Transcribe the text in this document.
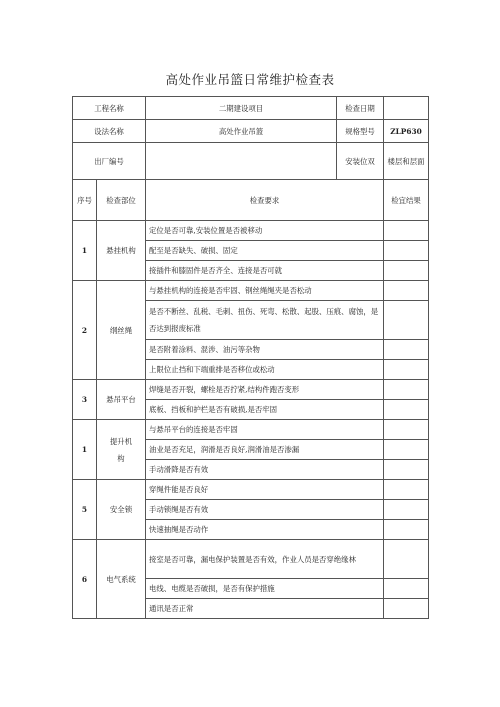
高处作业吊篮日常维护检查表
工程名称		二期建设项目	检查日期	
设法名称		高处作业吊篮	规格型号	ZLP630
出厂编号			安装位双	楼层和层面
序号	检查部位	检查要求		检宜结果
1	悬挂机构	定位是否可靠,安装位置是否被移动		
		配至是否缺失、破损、固定		
		接插件和膝固件是否齐全、连接是否可就		
2	纲丝绳	与悬挂机构的连接是否牢固、钢丝绳绳夹是否松动		
		是否不断丝、乱税、毛刺、扭伤、死弯、松散、起股、压痕、腐蚀，是否达到报废标准		
		是否附着涂料、混涉、油污等杂物		
		上限位止挡和下端重排是否移位或松动		
3	悬吊平台	焊缝是否开裂，螺栓是否拧紧,结构件跑否变形		
		底板、挡板和护栏是否有破损,是否牢固		
1	提升机构	与悬吊平台的连接是否牢固		
		油业是否充足，润滑是否良好,润滑油是否渗漏		
		手动滑降是否有效		
5	安全锁	穿绳件能是否良好		
		手动锁绳是否有效		
		快速抽绳是否动作		
6	电气系统	接室是否可靠，漏电保护装置是否有效，作业人员是否穿绝缘林		
		电线、电缆是否破损，是否有保护措施		
		通讯是否正常		
